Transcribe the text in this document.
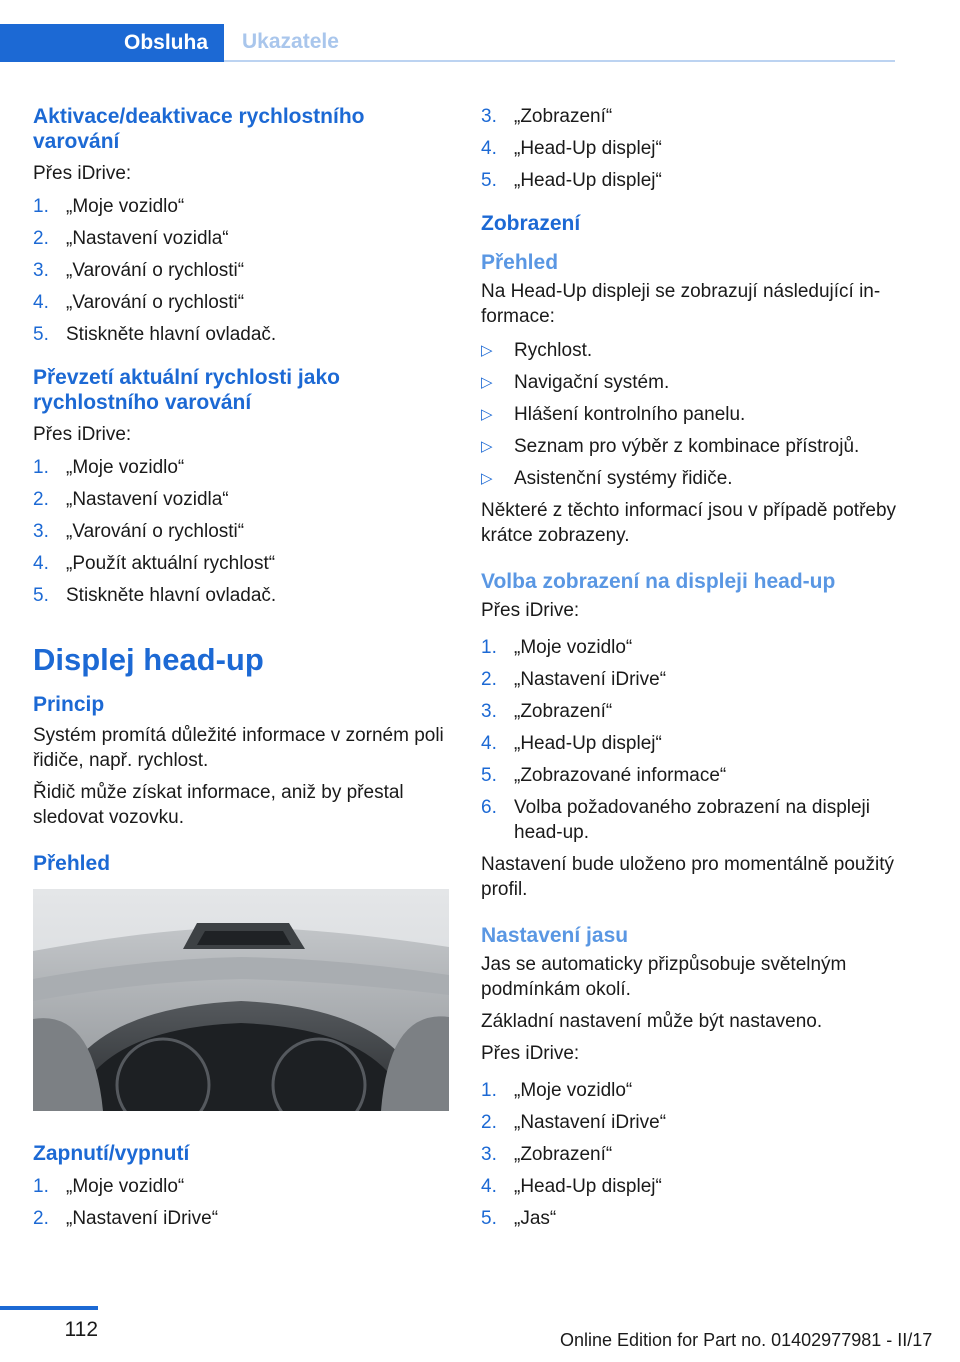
Obsluha	Ukazatele
Aktivace/deaktivace rychlostního varování

Přes iDrive:

1. „Moje vozidlo“
2. „Nastavení vozidla“
3. „Varování o rychlosti“
4. „Varování o rychlosti“
5. Stiskněte hlavní ovladač.
Převzetí aktuální rychlosti jako rychlostního varování

Přes iDrive:

1. „Moje vozidlo“
2. „Nastavení vozidla“
3. „Varování o rychlosti“
4. „Použít aktuální rychlost“
5. Stiskněte hlavní ovladač.
Displej head-up
Princip

Systém promítá důležité informace v zorném poli řidiče, např. rychlost.

Řidič může získat informace, aniž by přestal sledovat vozovku.

Přehled
Zapnutí/vypnutí
1. „Moje vozidlo“
2. „Nastavení iDrive“
3. „Zobrazení“
4. „Head-Up displej“
5. „Head-Up displej“
Zobrazení
Přehled

Na Head-Up displeji se zobrazují následující informace:

▷ Rychlost.
▷ Navigační systém.
▷ Hlášení kontrolního panelu.
▷ Seznam pro výběr z kombinace přístrojů.
▷ Asistenční systémy řidiče.

Některé z těchto informací jsou v případě potřeby krátce zobrazeny.

Volba zobrazení na displeji head-up

Přes iDrive:

1. „Moje vozidlo“
2. „Nastavení iDrive“
3. „Zobrazení“
4. „Head-Up displej“
5. „Zobrazované informace“
6. Volba požadovaného zobrazení na displeji head-up.

Nastavení bude uloženo pro momentálně použitý profil.

Nastavení jasu

Jas se automaticky přizpůsobuje světelným podmínkám okolí.

Základní nastavení může být nastaveno.

Přes iDrive:

1. „Moje vozidlo“
2. „Nastavení iDrive“
3. „Zobrazení“
4. „Head-Up displej“
5. „Jas“
112	Online Edition for Part no. 01402977981 - II/17
